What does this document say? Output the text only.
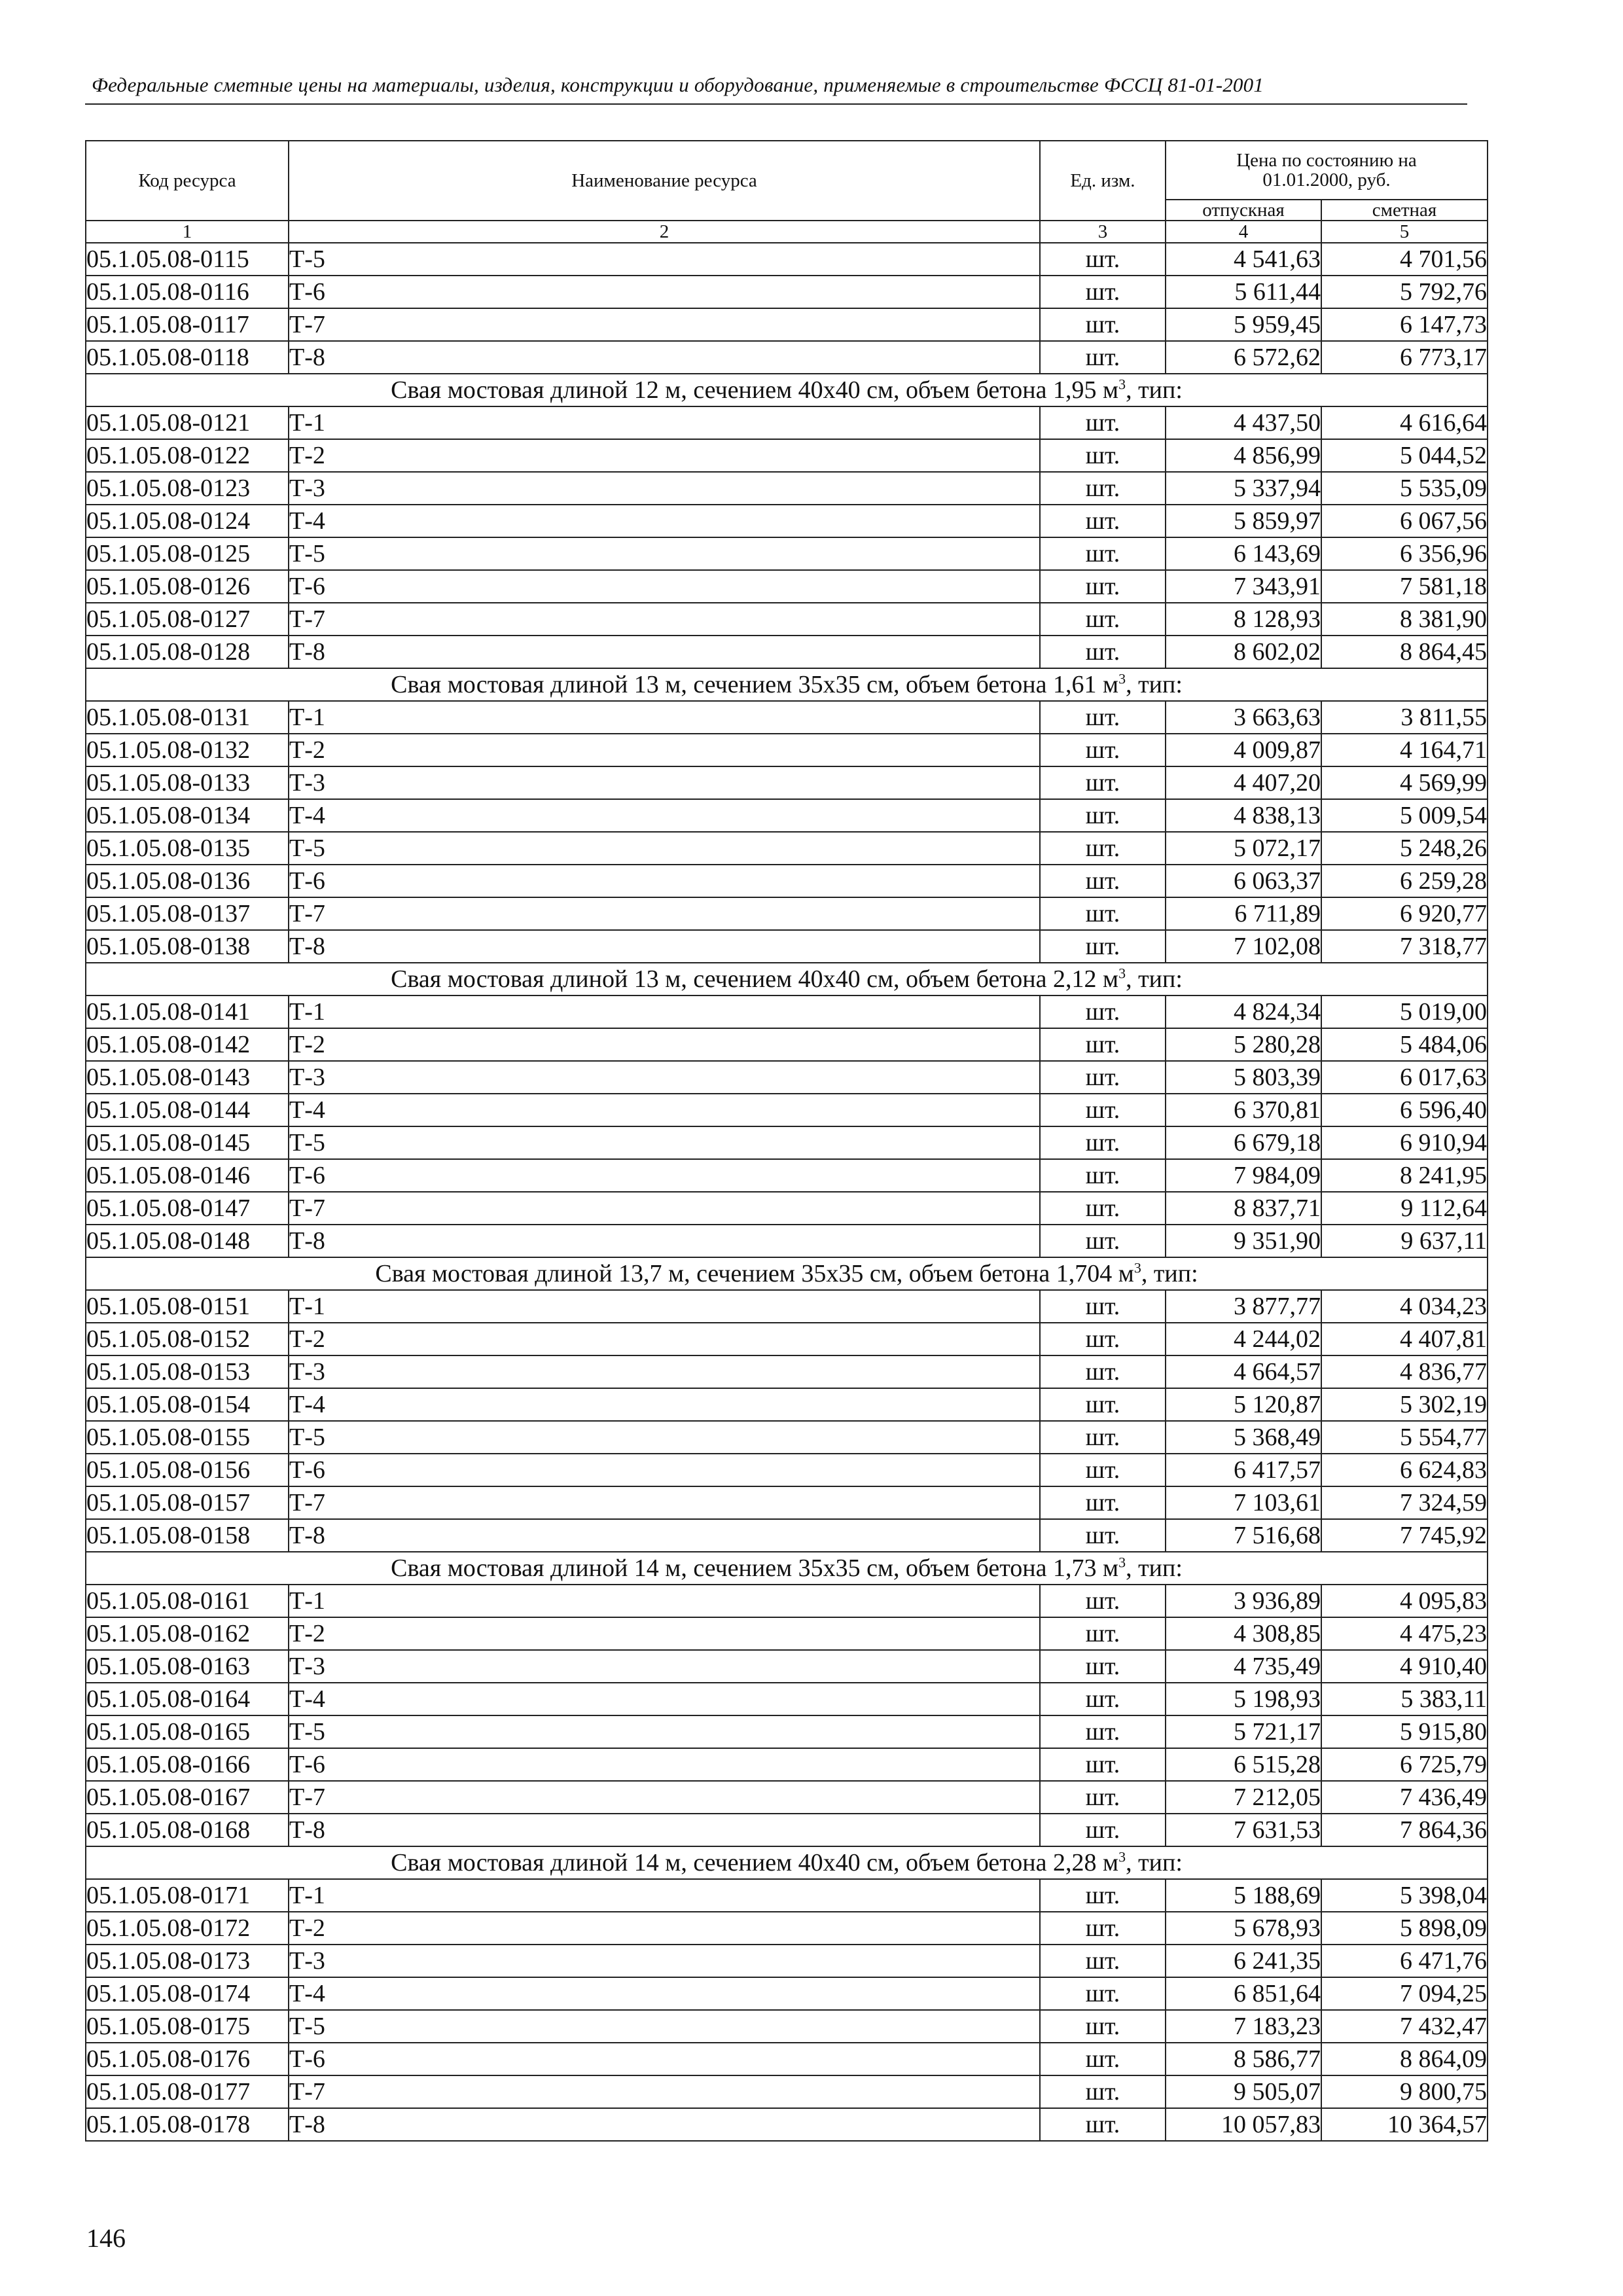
Федеральные сметные цены на материалы, изделия, конструкции и оборудование, применяемые в строительстве ФССЦ 81-01-2001
Код ресурса	Наименование ресурса	Ед. изм.	Цена по состоянию на 01.01.2000, руб.	
			отпускная	сметная
1	2	3	4	5
05.1.05.08-0115	Т-5	шт.	4 541,63	4 701,56
05.1.05.08-0116	Т-6	шт.	5 611,44	5 792,76
05.1.05.08-0117	Т-7	шт.	5 959,45	6 147,73
05.1.05.08-0118	Т-8	шт.	6 572,62	6 773,17
Свая мостовая длиной 12 м, сечением 40х40 см, объем бетона 1,95 $м^3$, тип:				
05.1.05.08-0121	Т-1	шт.	4 437,50	4 616,64
05.1.05.08-0122	Т-2	шт.	4 856,99	5 044,52
05.1.05.08-0123	Т-3	шт.	5 337,94	5 535,09
05.1.05.08-0124	Т-4	шт.	5 859,97	6 067,56
05.1.05.08-0125	Т-5	шт.	6 143,69	6 356,96
05.1.05.08-0126	Т-6	шт.	7 343,91	7 581,18
05.1.05.08-0127	Т-7	шт.	8 128,93	8 381,90
05.1.05.08-0128	Т-8	шт.	8 602,02	8 864,45
Свая мостовая длиной 13 м, сечением 35х35 см, объем бетона 1,61 $м^3$, тип:				
05.1.05.08-0131	Т-1	шт.	3 663,63	3 811,55
05.1.05.08-0132	Т-2	шт.	4 009,87	4 164,71
05.1.05.08-0133	Т-3	шт.	4 407,20	4 569,99
05.1.05.08-0134	Т-4	шт.	4 838,13	5 009,54
05.1.05.08-0135	Т-5	шт.	5 072,17	5 248,26
05.1.05.08-0136	Т-6	шт.	6 063,37	6 259,28
05.1.05.08-0137	Т-7	шт.	6 711,89	6 920,77
05.1.05.08-0138	Т-8	шт.	7 102,08	7 318,77
Свая мостовая длиной 13 м, сечением 40х40 см, объем бетона 2,12 $м^3$, тип:				
05.1.05.08-0141	Т-1	шт.	4 824,34	5 019,00
05.1.05.08-0142	Т-2	шт.	5 280,28	5 484,06
05.1.05.08-0143	Т-3	шт.	5 803,39	6 017,63
05.1.05.08-0144	Т-4	шт.	6 370,81	6 596,40
05.1.05.08-0145	Т-5	шт.	6 679,18	6 910,94
05.1.05.08-0146	Т-6	шт.	7 984,09	8 241,95
05.1.05.08-0147	Т-7	шт.	8 837,71	9 112,64
05.1.05.08-0148	Т-8	шт.	9 351,90	9 637,11
Свая мостовая длиной 13,7 м, сечением 35х35 см, объем бетона 1,704 $м^3$, тип:				
05.1.05.08-0151	Т-1	шт.	3 877,77	4 034,23
05.1.05.08-0152	Т-2	шт.	4 244,02	4 407,81
05.1.05.08-0153	Т-3	шт.	4 664,57	4 836,77
05.1.05.08-0154	Т-4	шт.	5 120,87	5 302,19
05.1.05.08-0155	Т-5	шт.	5 368,49	5 554,77
05.1.05.08-0156	Т-6	шт.	6 417,57	6 624,83
05.1.05.08-0157	Т-7	шт.	7 103,61	7 324,59
05.1.05.08-0158	Т-8	шт.	7 516,68	7 745,92
Свая мостовая длиной 14 м, сечением 35х35 см, объем бетона 1,73 $м^3$, тип:				
05.1.05.08-0161	Т-1	шт.	3 936,89	4 095,83
05.1.05.08-0162	Т-2	шт.	4 308,85	4 475,23
05.1.05.08-0163	Т-3	шт.	4 735,49	4 910,40
05.1.05.08-0164	Т-4	шт.	5 198,93	5 383,11
05.1.05.08-0165	Т-5	шт.	5 721,17	5 915,80
05.1.05.08-0166	Т-6	шт.	6 515,28	6 725,79
05.1.05.08-0167	Т-7	шт.	7 212,05	7 436,49
05.1.05.08-0168	Т-8	шт.	7 631,53	7 864,36
Свая мостовая длиной 14 м, сечением 40х40 см, объем бетона 2,28 $м^3$, тип:				
05.1.05.08-0171	Т-1	шт.	5 188,69	5 398,04
05.1.05.08-0172	Т-2	шт.	5 678,93	5 898,09
05.1.05.08-0173	Т-3	шт.	6 241,35	6 471,76
05.1.05.08-0174	Т-4	шт.	6 851,64	7 094,25
05.1.05.08-0175	Т-5	шт.	7 183,23	7 432,47
05.1.05.08-0176	Т-6	шт.	8 586,77	8 864,09
05.1.05.08-0177	Т-7	шт.	9 505,07	9 800,75
05.1.05.08-0178	Т-8	шт.	10 057,83	10 364,57
146
